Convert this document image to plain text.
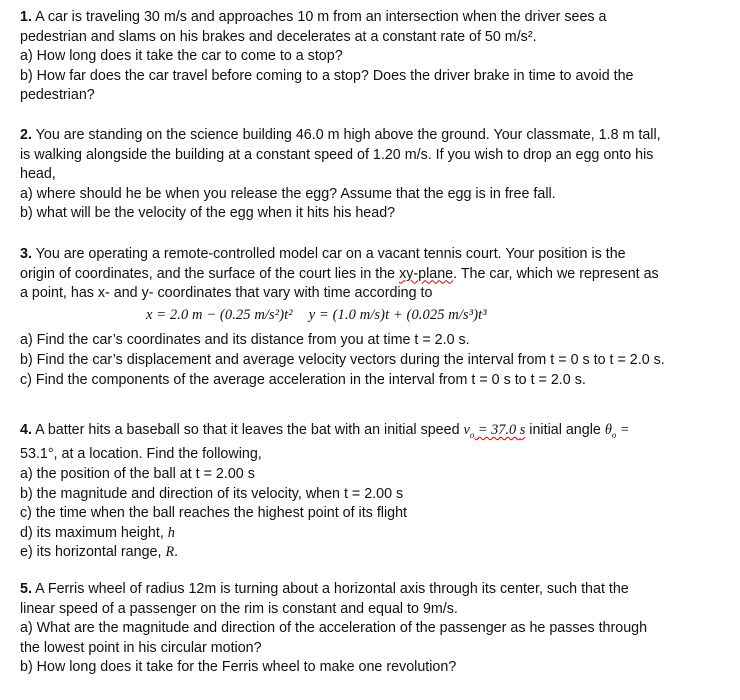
1. A car is traveling 30 m/s and approaches 10 m from an intersection when the driver sees a
pedestrian and slams on his brakes and decelerates at a constant rate of 50 m/s².
a) How long does it take the car to come to a stop?
b) How far does the car travel before coming to a stop? Does the driver brake in time to avoid the
pedestrian?
2. You are standing on the science building 46.0 m high above the ground. Your classmate, 1.8 m tall,
is walking alongside the building at a constant speed of 1.20 m/s. If you wish to drop an egg onto his
head,
a) where should he be when you release the egg? Assume that the egg is in free fall.
b) what will be the velocity of the egg when it hits his head?
3. You are operating a remote-controlled model car on a vacant tennis court. Your position is the
origin of coordinates, and the surface of the court lies in the xy-plane. The car, which we represent as
a point, has x- and y- coordinates that vary with time according to
x = 2.0 m − (0.25 m/s²)t² y = (1.0 m/s)t + (0.025 m/s³)t³
a) Find the car’s coordinates and its distance from you at time t = 2.0 s.
b) Find the car’s displacement and average velocity vectors during the interval from t = 0 s to t = 2.0 s.
c) Find the components of the average acceleration in the interval from t = 0 s to t = 2.0 s.
4. A batter hits a baseball so that it leaves the bat with an initial speed $v_o = 37.0$ s initial angle $\theta_o$ =
53.1°, at a location. Find the following,
a) the position of the ball at t = 2.00 s
b) the magnitude and direction of its velocity, when t = 2.00 s
c) the time when the ball reaches the highest point of its flight
d) its maximum height, h
e) its horizontal range, R.
5. A Ferris wheel of radius 12m is turning about a horizontal axis through its center, such that the
linear speed of a passenger on the rim is constant and equal to 9m/s.
a) What are the magnitude and direction of the acceleration of the passenger as he passes through
the lowest point in his circular motion?
b) How long does it take for the Ferris wheel to make one revolution?
